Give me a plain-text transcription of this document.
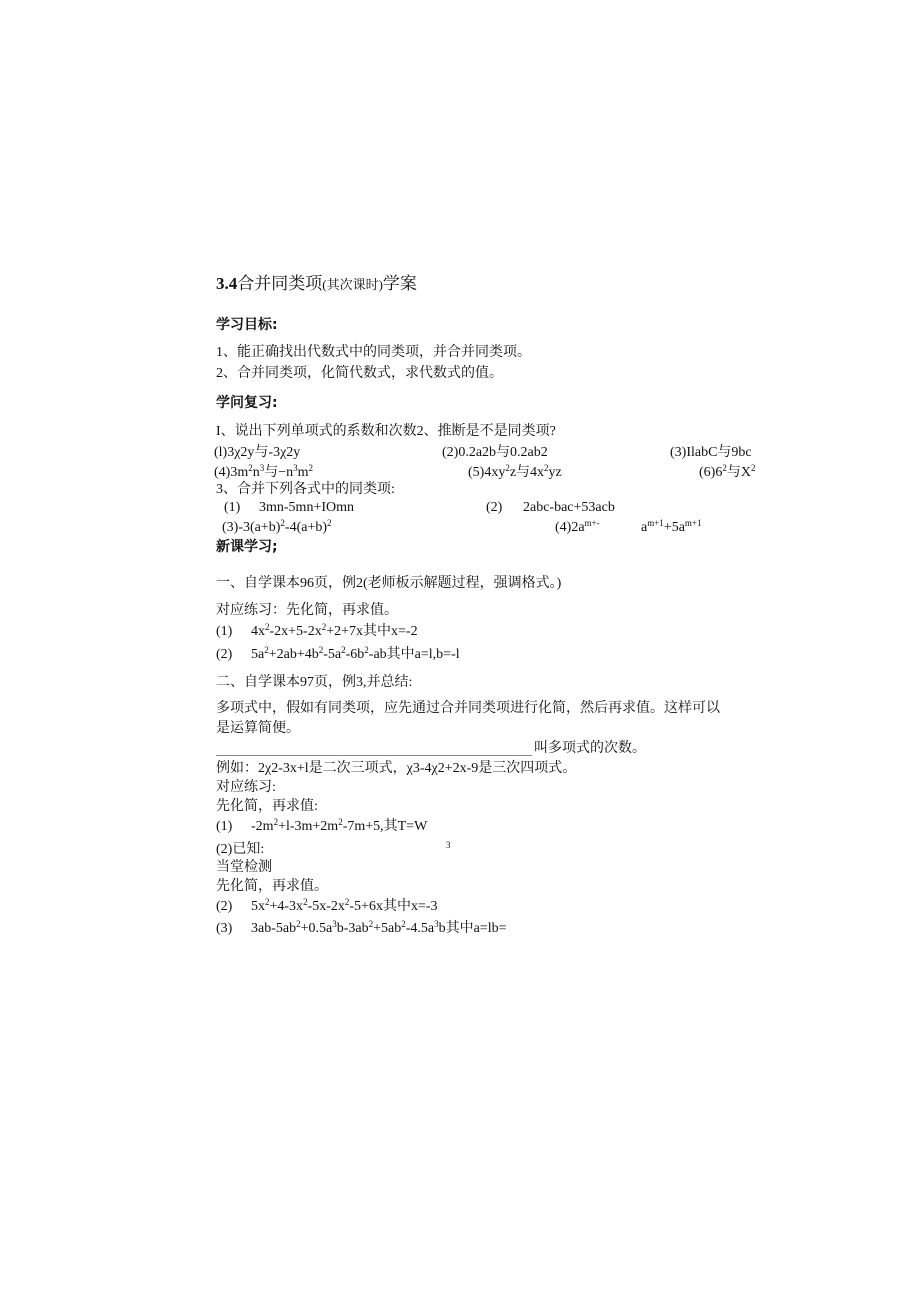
3.4合并同类项(其次课时)学案
学习目标:
1、能正确找出代数式中的同类项，并合并同类项。
2、合并同类项，化简代数式，求代数式的值。
学问复习:
I、说出下列单项式的系数和次数2、推断是不是同类项?
(l)3χ2y与-3χ2y	(2)0.2a2b与0.2ab2	(3)IlabC与9bc
$(4)3m^2n^3$与$-n^3m^2$	$(5)4xy^2z$与$4x^2yz$	$(6)6^2$与$X^2$
3、合并下列各式中的同类项:
(1) 3mn-5mn+IOmn	(2) 2abc-bac+53acb
$(3)-3(a+b)^2-4(a+b)^2$	$(4)2a^{m+-}$	$a^{m+1}+5a^{m+1}$
新课学习;
一、自学课本96页，例2(老师板示解题过程，强调格式。)
对应练习：先化简，再求值。
(1) $4x^2-2x+5-2x^2+2+7x$其中x=-2
(2) $5a^2+2ab+4b^2-5a^2-6b^2-ab$其中a=l,b=-l
二、自学课本97页，例3,并总结:
多项式中，假如有同类项，应先通过合并同类项进行化简，然后再求值。这样可以
是运算简便。
叫多项式的次数。
例如：2χ2-3x+l是二次三项式，χ3-4χ2+2x-9是三次四项式。
对应练习:
先化简，再求值:
(1) $-2m^2+l-3m+2m^2-7m+5$,其T=W
(2)已知:	3
当堂检测
先化简，再求值。
(2) $5x^2+4-3x^2-5x-2x^2-5+6x$其中x=-3
(3) $3ab-5ab^2+0.5a^3b-3ab^2+5ab^2-4.5a^3b$其中a=lb=
